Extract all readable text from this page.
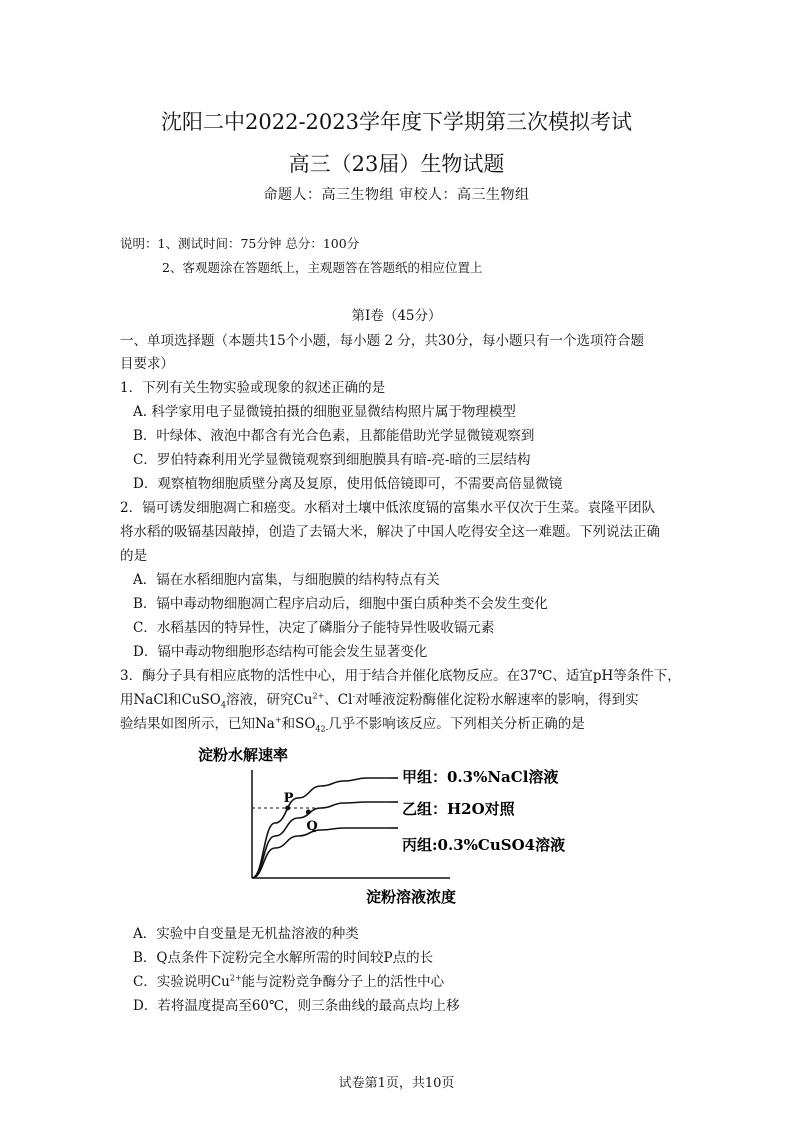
沈阳二中2022-2023学年度下学期第三次模拟考试
高三（23届）生物试题
命题人：高三生物组 审校人：高三生物组
说明：1、测试时间：75分钟 总分：100分
2、客观题涂在答题纸上，主观题答在答题纸的相应位置上
第Ⅰ卷（45分）
一、单项选择题（本题共15个小题，每小题 2 分，共30分，每小题只有一个选项符合题
目要求）
1．下列有关生物实验或现象的叙述正确的是
A. 科学家用电子显微镜拍摄的细胞亚显微结构照片属于物理模型
B．叶绿体、液泡中都含有光合色素，且都能借助光学显微镜观察到
C．罗伯特森利用光学显微镜观察到细胞膜具有暗-亮-暗的三层结构
D．观察植物细胞质壁分离及复原，使用低倍镜即可，不需要高倍显微镜
2．镉可诱发细胞凋亡和癌变。水稻对土壤中低浓度镉的富集水平仅次于生菜。袁隆平团队
将水稻的吸镉基因敲掉，创造了去镉大米，解决了中国人吃得安全这一难题。下列说法正确
的是
A．镉在水稻细胞内富集，与细胞膜的结构特点有关
B．镉中毒动物细胞凋亡程序启动后，细胞中蛋白质种类不会发生变化
C．水稻基因的特异性，决定了磷脂分子能特异性吸收镉元素
D．镉中毒动物细胞形态结构可能会发生显著变化
3．酶分子具有相应底物的活性中心，用于结合并催化底物反应。在37℃、适宜pH等条件下，
用NaCl和CuSO$_4$溶液，研究$Cu^{2+}$、Cl-对唾液淀粉酶催化淀粉水解速率的影响，得到实
验结果如图所示，已知Na+和$SO_{42-}$几乎不影响该反应。下列相关分析正确的是
淀粉水解速率
淀粉溶液浓度
P
Q
甲组：0.3%NaCl溶液
乙组：H2O对照
丙组:0.3%CuSO4溶液
A．实验中自变量是无机盐溶液的种类
B．Q点条件下淀粉完全水解所需的时间较P点的长
C．实验说明$Cu^{2+}$能与淀粉竞争酶分子上的活性中心
D．若将温度提高至60℃，则三条曲线的最高点均上移
试卷第1页，共10页
